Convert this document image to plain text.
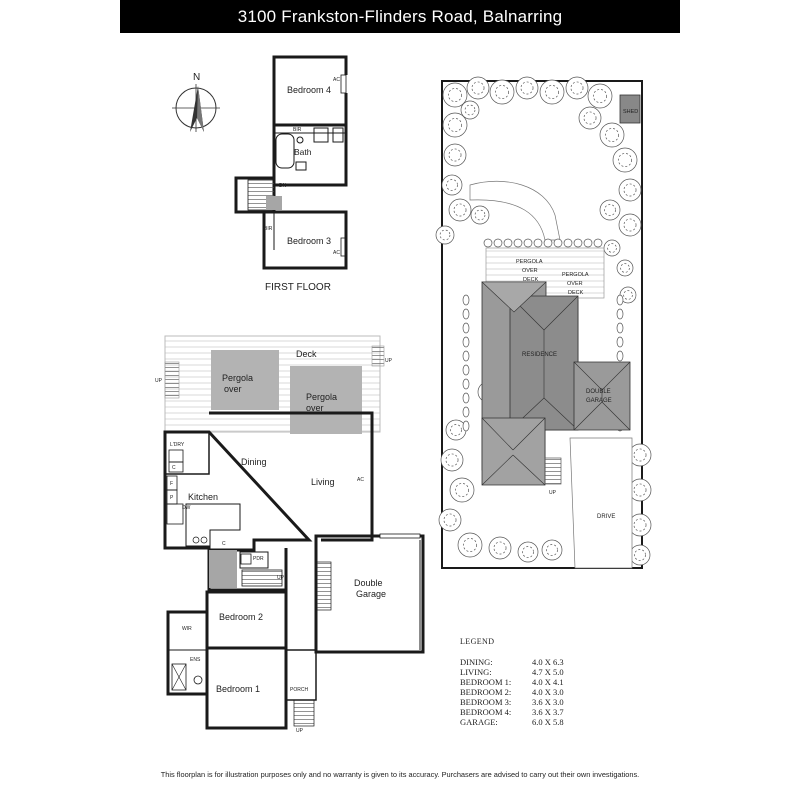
3100 Frankston-Flinders Road, Balnarring
N
Bedroom 4
AC
BIR
Bath
DN
Bedroom 3
BIR
AC
FIRST FLOOR
Deck
UP
UP
Pergola
over
Pergola
over
Dining
Living	AC
Kitchen
L'DRY
C
F
P
DW
C
PDR
UP	Double
Garage
Bedroom 2
WIR
ENS
Bedroom 1	PORCH
UP
SHED
PERGOLA
OVER
DECK
PERGOLA
OVER
DECK
RESIDENCE
DOUBLE
GARAGE
DRIVE
UP
LEGEND
DINING:	4.0 X 6.3
LIVING:	4.7 X 5.0
BEDROOM 1:	4.0 X 4.1
BEDROOM 2:	4.0 X 3.0
BEDROOM 3:	3.6 X 3.0
BEDROOM 4:	3.6 X 3.7
GARAGE:	6.0 X 5.8
This floorplan is for illustration purposes only and no warranty is given to its accuracy. Purchasers are advised to carry out their own investigations.
